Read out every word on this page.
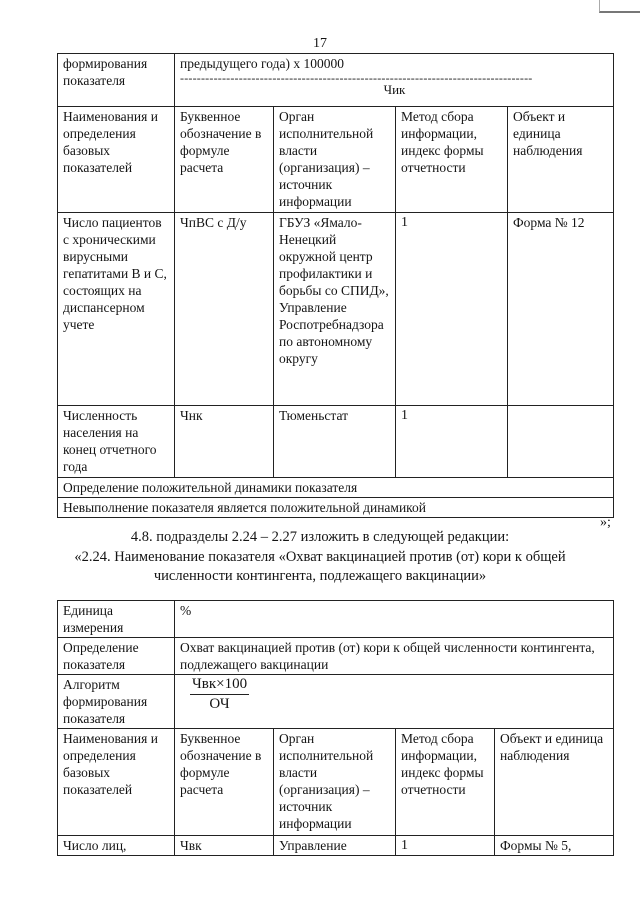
17
формирования показателя	предыдущего года) x 100000
------------------------------------------------------------------------------------
Чик			

Наименования и определения базовых показателей	Буквенное обозначение в формуле расчета	Орган исполнительной власти (организация) – источник информации	Метод сбора информации, индекс формы отчетности	Объект и единица наблюдения
Число пациентов с хроническими вирусными гепатитами В и С, состоящих на диспансерном учете	ЧпВС с Д/у	ГБУЗ «Ямало-Ненецкий окружной центр профилактики и борьбы со СПИД», Управление Роспотребнадзора по автономному округу	1	Форма № 12
Численность населения на конец отчетного года	Чнк	Тюменьстат	1	
Определение положительной динамики показателя				
Невыполнение показателя является положительной динамикой				
»;
4.8. подразделы 2.24 – 2.27 изложить в следующей редакции:
«2.24. Наименование показателя «Охват вакцинацией против (от) кори к общей
численности контингента, подлежащего вакцинации»
Единица измерения	%			
Определение показателя	Охват вакцинацией против (от) кори к общей численности контингента, подлежащего вакцинации			
Алгоритм формирования показателя	$\frac{\text{Чвк×100}}{ОЧ}$

Наименования и определения базовых показателей	Буквенное обозначение в формуле расчета	Орган исполнительной власти (организация) – источник информации	Метод сбора информации, индекс формы отчетности	Объект и единица наблюдения
Число лиц,	Чвк	Управление	1	Формы № 5,
